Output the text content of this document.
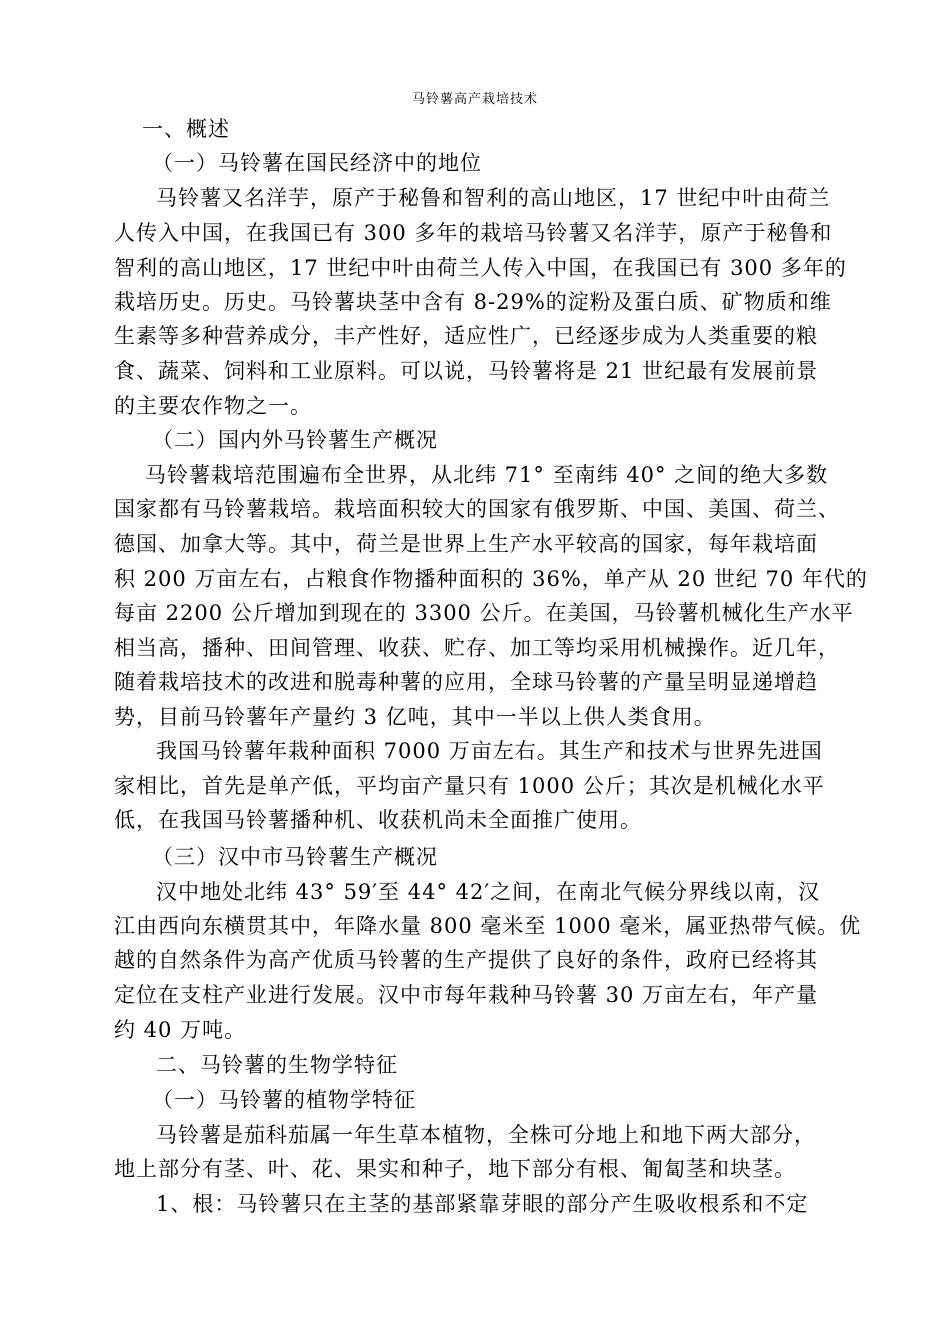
马铃薯高产栽培技术

一、概述

（一）马铃薯在国民经济中的地位

马铃薯又名洋芋，原产于秘鲁和智利的高山地区，17 世纪中叶由荷兰

人传入中国，在我国已有 300 多年的栽培马铃薯又名洋芋，原产于秘鲁和

智利的高山地区，17 世纪中叶由荷兰人传入中国，在我国已有 300 多年的

栽培历史。历史。马铃薯块茎中含有 8-29%的淀粉及蛋白质、矿物质和维

生素等多种营养成分，丰产性好，适应性广，已经逐步成为人类重要的粮

食、蔬菜、饲料和工业原料。可以说，马铃薯将是 21 世纪最有发展前景

的主要农作物之一。

（二）国内外马铃薯生产概况

马铃薯栽培范围遍布全世界，从北纬 71° 至南纬 40° 之间的绝大多数

国家都有马铃薯栽培。栽培面积较大的国家有俄罗斯、中国、美国、荷兰、

德国、加拿大等。其中，荷兰是世界上生产水平较高的国家，每年栽培面

积 200 万亩左右，占粮食作物播种面积的 36%，单产从 20 世纪 70 年代的

每亩 2200 公斤增加到现在的 3300 公斤。在美国，马铃薯机械化生产水平

相当高，播种、田间管理、收获、贮存、加工等均采用机械操作。近几年，

随着栽培技术的改进和脱毒种薯的应用，全球马铃薯的产量呈明显递增趋

势，目前马铃薯年产量约 3 亿吨，其中一半以上供人类食用。

我国马铃薯年栽种面积 7000 万亩左右。其生产和技术与世界先进国

家相比，首先是单产低，平均亩产量只有 1000 公斤；其次是机械化水平

低，在我国马铃薯播种机、收获机尚未全面推广使用。

（三）汉中市马铃薯生产概况

汉中地处北纬 43° 59′至 44° 42′之间，在南北气候分界线以南，汉

江由西向东横贯其中，年降水量 800 毫米至 1000 毫米，属亚热带气候。优

越的自然条件为高产优质马铃薯的生产提供了良好的条件，政府已经将其

定位在支柱产业进行发展。汉中市每年栽种马铃薯 30 万亩左右，年产量

约 40 万吨。

二、马铃薯的生物学特征

（一）马铃薯的植物学特征

马铃薯是茄科茄属一年生草本植物，全株可分地上和地下两大部分，

地上部分有茎、叶、花、果实和种子，地下部分有根、匍匐茎和块茎。

1、根：马铃薯只在主茎的基部紧靠芽眼的部分产生吸收根系和不定
